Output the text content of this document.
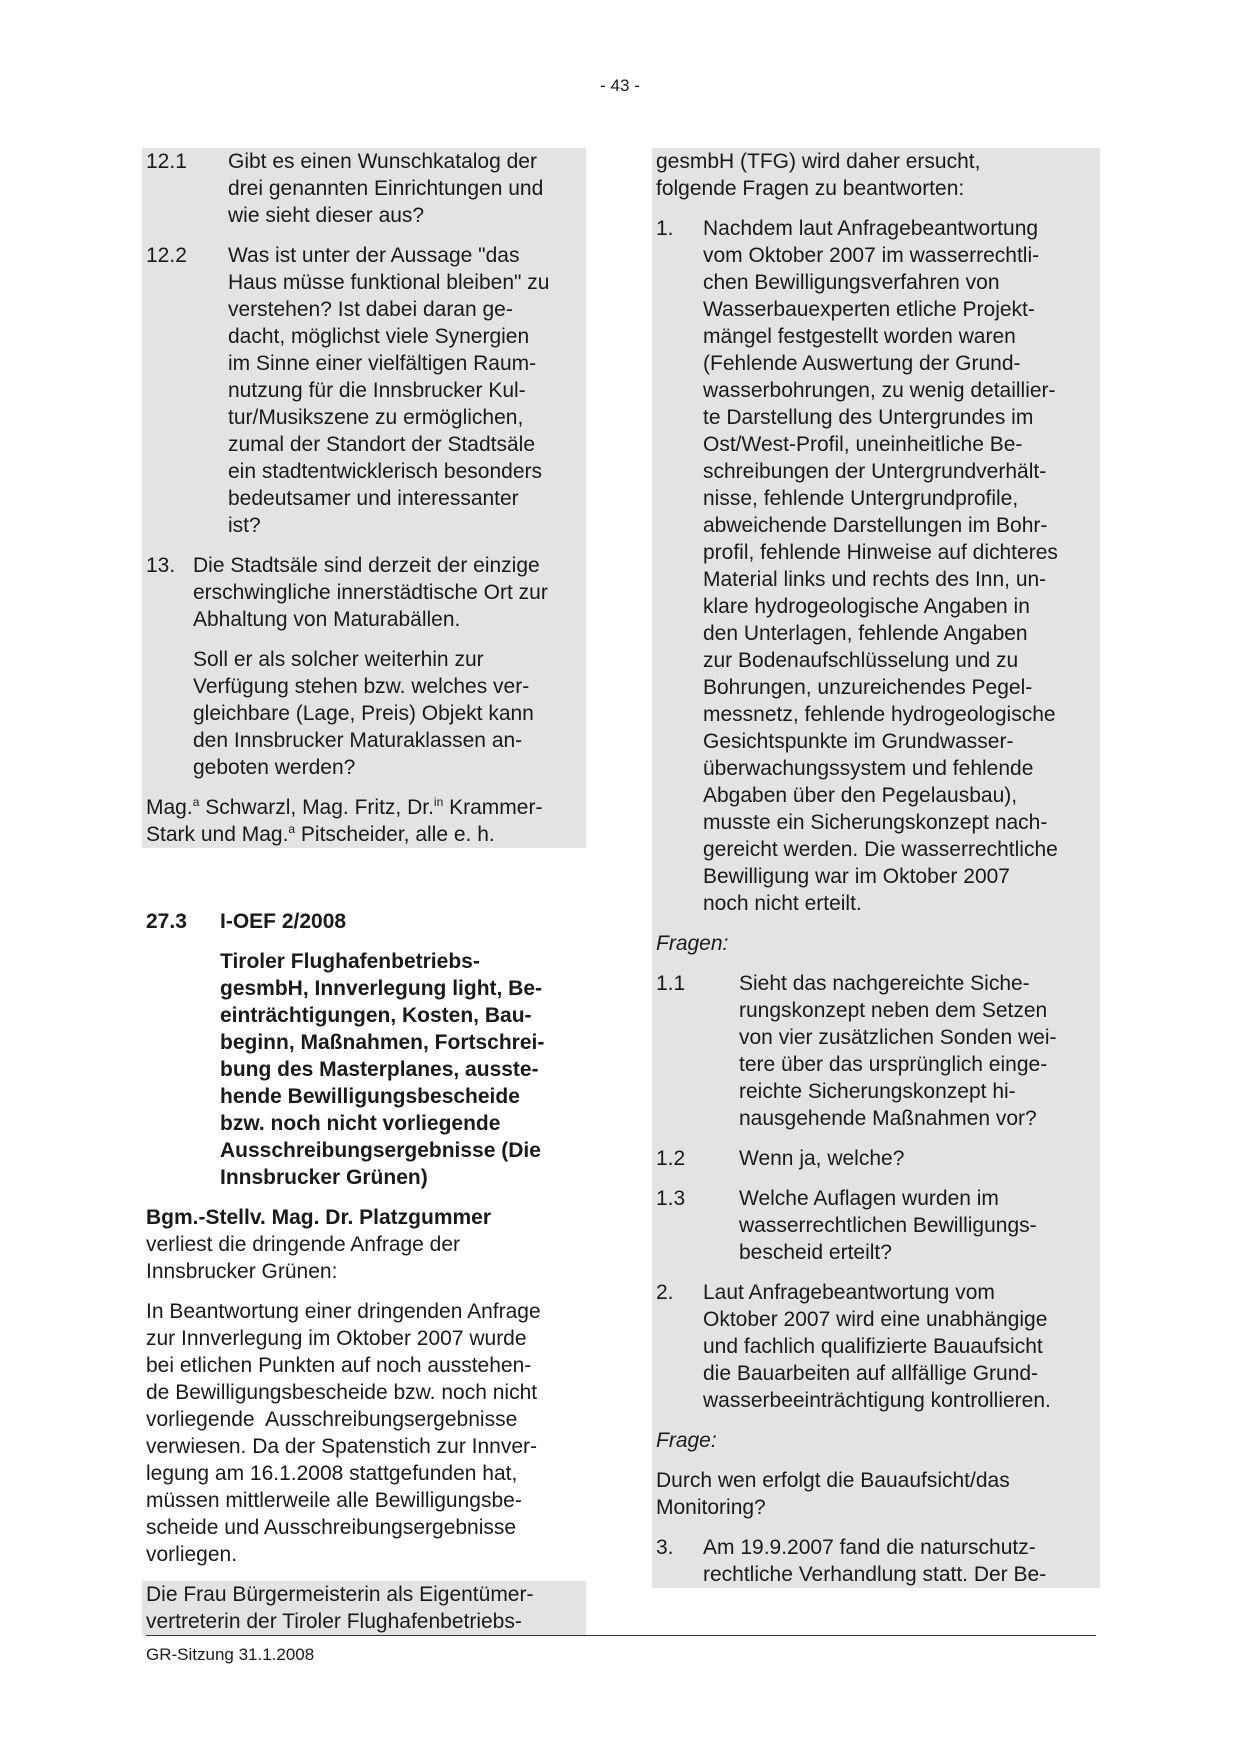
- 43 -
12.1	Gibt es einen Wunschkatalog der
drei genannten Einrichtungen und
wie sieht dieser aus?
12.2	Was ist unter der Aussage "das
Haus müsse funktional bleiben" zu
verstehen? Ist dabei daran ge-
dacht, möglichst viele Synergien
im Sinne einer vielfältigen Raum-
nutzung für die Innsbrucker Kul-
tur/Musikszene zu ermöglichen,
zumal der Standort der Stadtsäle
ein stadtentwicklerisch besonders
bedeutsamer und interessanter
ist?
13. Die Stadtsäle sind derzeit der einzige
erschwingliche innerstädtische Ort zur
Abhaltung von Maturabällen.
Soll er als solcher weiterhin zur
Verfügung stehen bzw. welches ver-
gleichbare (Lage, Preis) Objekt kann
den Innsbrucker Maturaklassen an-
geboten werden?
Mag.$^a$ Schwarzl, Mag. Fritz, Dr.$^{in}$ Krammer-
Stark und Mag.$^a$ Pitscheider, alle e. h.
27.3	I-OEF 2/2008
Tiroler Flughafenbetriebs-
gesmbH, Innverlegung light, Be-
einträchtigungen, Kosten, Bau-
beginn, Maßnahmen, Fortschrei-
bung des Masterplanes, ausste-
hende Bewilligungsbescheide
bzw. noch nicht vorliegende
Ausschreibungsergebnisse (Die
Innsbrucker Grünen)
Bgm.-Stellv. Mag. Dr. Platzgummer
verliest die dringende Anfrage der
Innsbrucker Grünen:
In Beantwortung einer dringenden Anfrage
zur Innverlegung im Oktober 2007 wurde
bei etlichen Punkten auf noch ausstehen-
de Bewilligungsbescheide bzw. noch nicht
vorliegende  Ausschreibungsergebnisse
verwiesen. Da der Spatenstich zur Innver-
legung am 16.1.2008 stattgefunden hat,
müssen mittlerweile alle Bewilligungsbe-
scheide und Ausschreibungsergebnisse
vorliegen.
Die Frau Bürgermeisterin als Eigentümer-
vertreterin der Tiroler Flughafenbetriebs-
gesmbH (TFG) wird daher ersucht,
folgende Fragen zu beantworten:
1.	Nachdem laut Anfragebeantwortung
vom Oktober 2007 im wasserrechtli-
chen Bewilligungsverfahren von
Wasserbauexperten etliche Projekt-
mängel festgestellt worden waren
(Fehlende Auswertung der Grund-
wasserbohrungen, zu wenig detaillier-
te Darstellung des Untergrundes im
Ost/West-Profil, uneinheitliche Be-
schreibungen der Untergrundverhält-
nisse, fehlende Untergrundprofile,
abweichende Darstellungen im Bohr-
profil, fehlende Hinweise auf dichteres
Material links und rechts des Inn, un-
klare hydrogeologische Angaben in
den Unterlagen, fehlende Angaben
zur Bodenaufschlüsselung und zu
Bohrungen, unzureichendes Pegel-
messnetz, fehlende hydrogeologische
Gesichtspunkte im Grundwasser-
überwachungssystem und fehlende
Abgaben über den Pegelausbau),
musste ein Sicherungskonzept nach-
gereicht werden. Die wasserrechtliche
Bewilligung war im Oktober 2007
noch nicht erteilt.
Fragen:
1.1	Sieht das nachgereichte Siche-
rungskonzept neben dem Setzen
von vier zusätzlichen Sonden wei-
tere über das ursprünglich einge-
reichte Sicherungskonzept hi-
nausgehende Maßnahmen vor?
1.2	Wenn ja, welche?
1.3	Welche Auflagen wurden im
wasserrechtlichen Bewilligungs-
bescheid erteilt?
2.	Laut Anfragebeantwortung vom
Oktober 2007 wird eine unabhängige
und fachlich qualifizierte Bauaufsicht
die Bauarbeiten auf allfällige Grund-
wasserbeeinträchtigung kontrollieren.
Frage:
Durch wen erfolgt die Bauaufsicht/das
Monitoring?
3.	Am 19.9.2007 fand die naturschutz-
rechtliche Verhandlung statt. Der Be-
GR-Sitzung 31.1.2008
